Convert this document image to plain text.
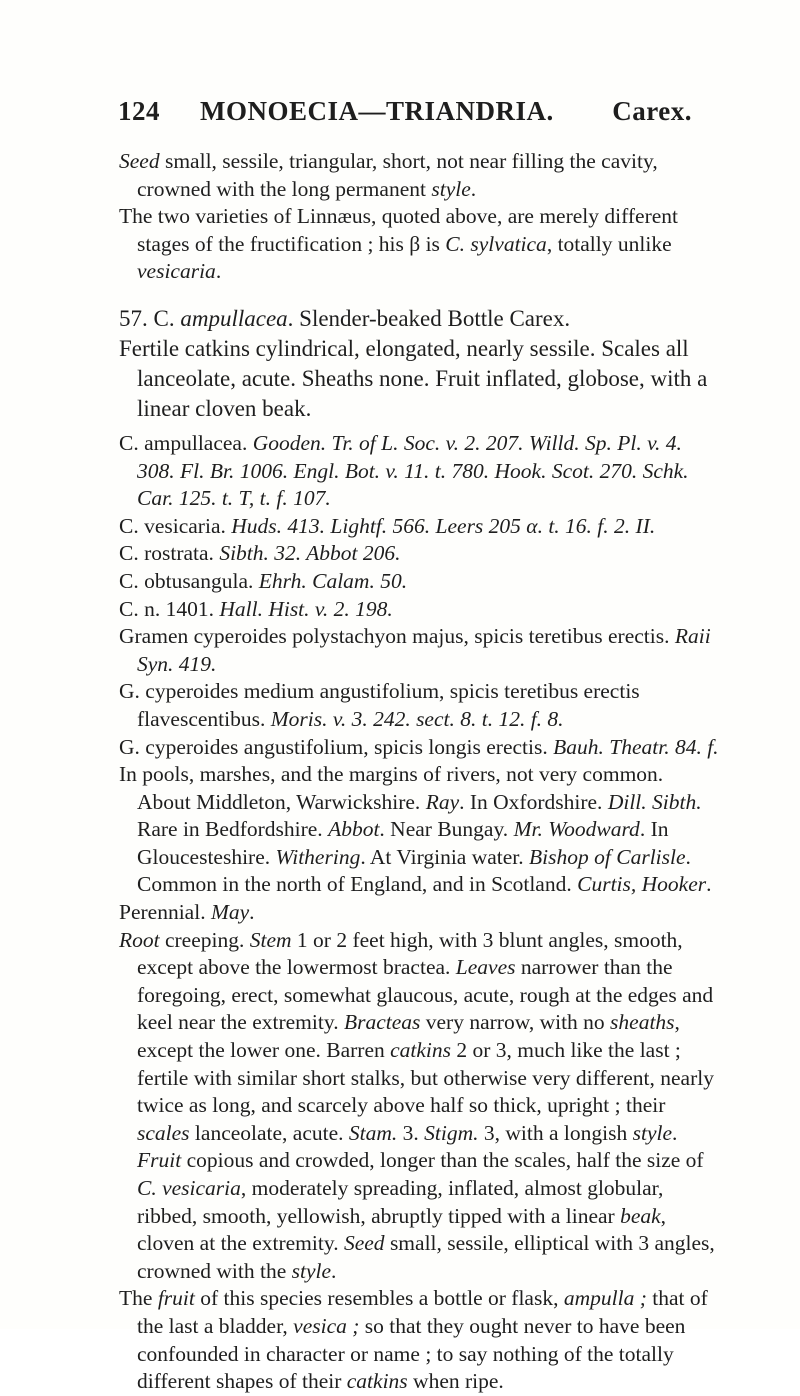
124 MONOECIA—TRIANDRIA. Carex.

Seed small, sessile, triangular, short, not near filling the cavity, crowned with the long permanent style.

The two varieties of Linnæus, quoted above, are merely different stages of the fructification ; his β is C. sylvatica, totally unlike vesicaria.

57. C. ampullacea. Slender-beaked Bottle Carex.

Fertile catkins cylindrical, elongated, nearly sessile. Scales all lanceolate, acute. Sheaths none. Fruit inflated, globose, with a linear cloven beak.

C. ampullacea. Gooden. Tr. of L. Soc. v. 2. 207. Willd. Sp. Pl. v. 4. 308. Fl. Br. 1006. Engl. Bot. v. 11. t. 780. Hook. Scot. 270. Schk. Car. 125. t. T, t. f. 107.

C. vesicaria. Huds. 413. Lightf. 566. Leers 205 α. t. 16. f. 2. II.

C. rostrata. Sibth. 32. Abbot 206.

C. obtusangula. Ehrh. Calam. 50.

C. n. 1401. Hall. Hist. v. 2. 198.

Gramen cyperoides polystachyon majus, spicis teretibus erectis. Raii Syn. 419.

G. cyperoides medium angustifolium, spicis teretibus erectis flavescentibus. Moris. v. 3. 242. sect. 8. t. 12. f. 8.

G. cyperoides angustifolium, spicis longis erectis. Bauh. Theatr. 84. f.

In pools, marshes, and the margins of rivers, not very common. About Middleton, Warwickshire. Ray. In Oxfordshire. Dill. Sibth. Rare in Bedfordshire. Abbot. Near Bungay. Mr. Woodward. In Gloucesteshire. Withering. At Virginia water. Bishop of Carlisle. Common in the north of England, and in Scotland. Curtis, Hooker.

Perennial. May.

Root creeping. Stem 1 or 2 feet high, with 3 blunt angles, smooth, except above the lowermost bractea. Leaves narrower than the foregoing, erect, somewhat glaucous, acute, rough at the edges and keel near the extremity. Bracteas very narrow, with no sheaths, except the lower one. Barren catkins 2 or 3, much like the last ; fertile with similar short stalks, but otherwise very different, nearly twice as long, and scarcely above half so thick, upright ; their scales lanceolate, acute. Stam. 3. Stigm. 3, with a longish style. Fruit copious and crowded, longer than the scales, half the size of C. vesicaria, moderately spreading, inflated, almost globular, ribbed, smooth, yellowish, abruptly tipped with a linear beak, cloven at the extremity. Seed small, sessile, elliptical with 3 angles, crowned with the style.

The fruit of this species resembles a bottle or flask, ampulla ; that of the last a bladder, vesica ; so that they ought never to have been confounded in character or name ; to say nothing of the totally different shapes of their catkins when ripe.
